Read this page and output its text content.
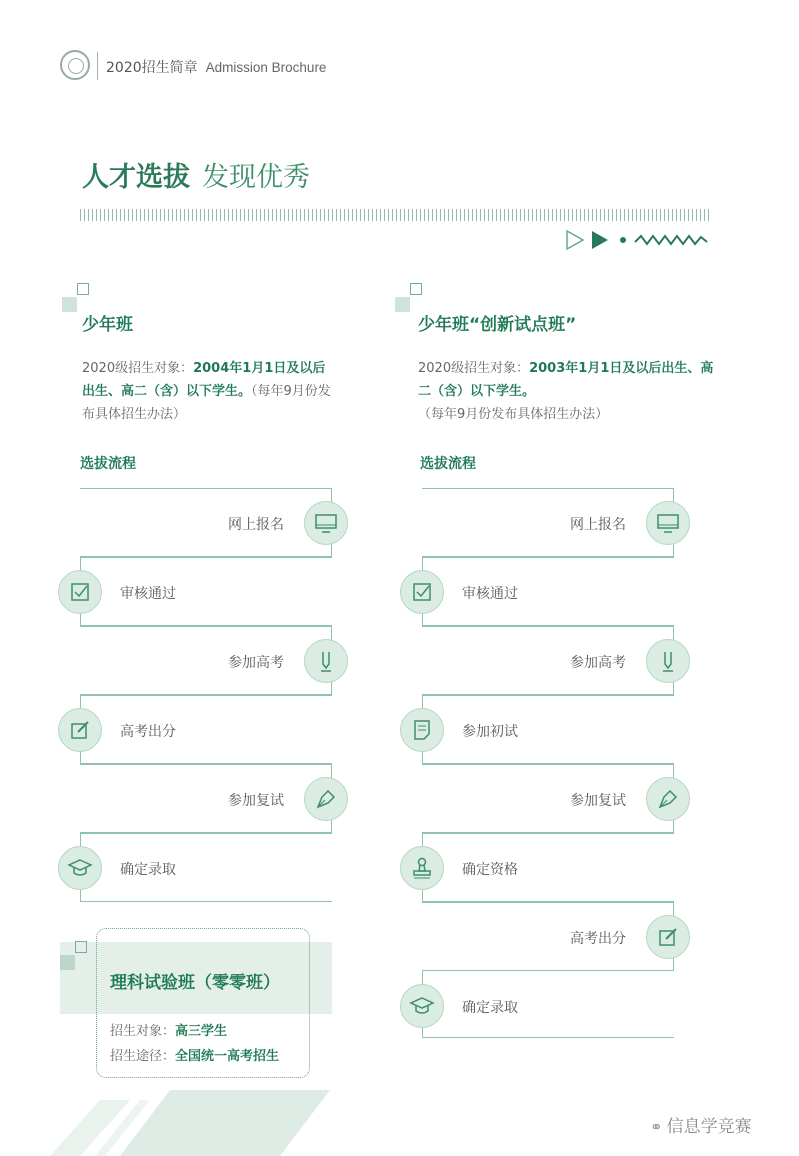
2020招生简章 Admission Brochure
人才选拔 发现优秀
少年班
2020级招生对象：2004年1月1日及以后出生、高二（含）以下学生。（每年9月份发布具体招生办法）
选拔流程
网上报名
审核通过
参加高考
高考出分
参加复试
确定录取
少年班“创新试点班”
2020级招生对象：2003年1月1日及以后出生、高二（含）以下学生。（每年9月份发布具体招生办法）
选拔流程
网上报名
审核通过
参加高考
参加初试
参加复试
确定资格
高考出分
确定录取
理科试验班（零零班）
招生对象：高三学生
招生途径：全国统一高考招生
⚭ 信息学竞赛
